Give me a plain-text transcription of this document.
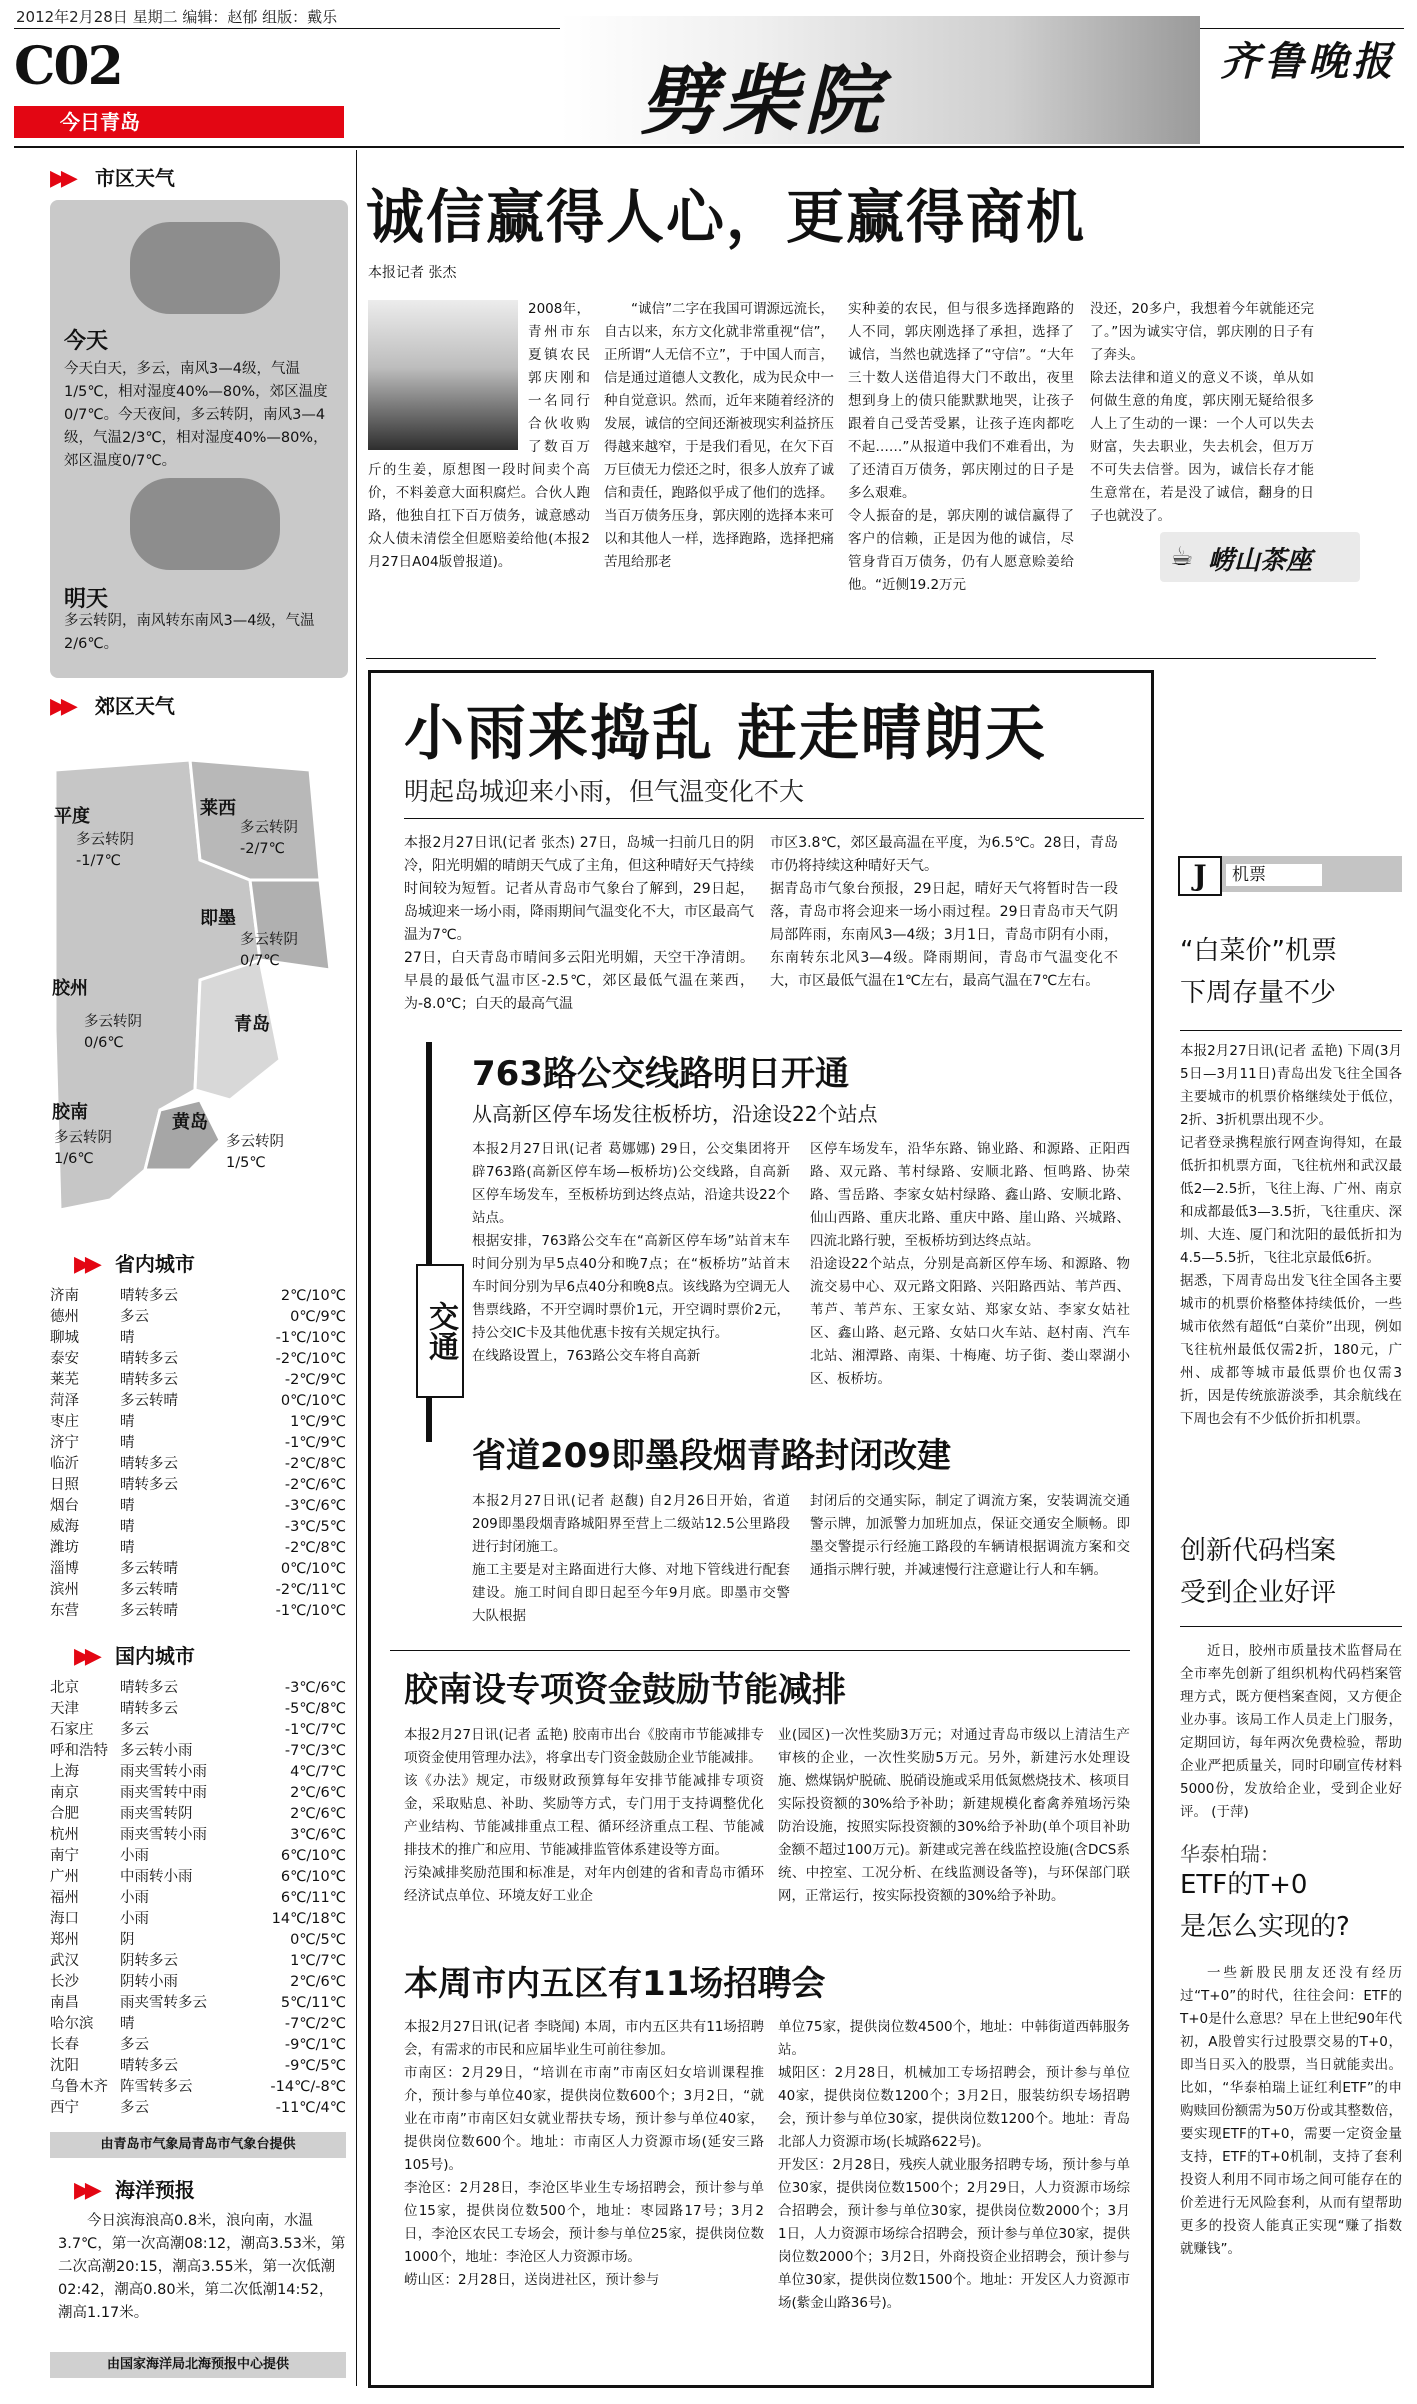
2012年2月28日 星期二 编辑：赵郁 组版：戴乐
C02
今日青岛	劈柴院	齐鲁晚报
▶▶ 市区天气
今天
今天白天，多云，南风3—4级，气温1/5℃，相对湿度40%—80%，郊区温度0/7℃。今天夜间，多云转阴，南风3—4级，气温2/3℃，相对湿度40%—80%，郊区温度0/7℃。
明天
多云转阴，南风转东南风3—4级，气温2/6℃。
▶▶ 郊区天气
平度
多云转阴
-1/7℃
莱西
多云转阴
-2/7℃
即墨
多云转阴
0/7℃
胶州
多云转阴
0/6℃
青岛
胶南
多云转阴
1/6℃
黄岛
多云转阴
1/5℃
▶▶ 省内城市
济南	晴转多云	2℃/10℃
德州	多云	0℃/9℃
聊城	晴	-1℃/10℃
泰安	晴转多云	-2℃/10℃
莱芜	晴转多云	-2℃/9℃
菏泽	多云转晴	0℃/10℃
枣庄	晴	1℃/9℃
济宁	晴	-1℃/9℃
临沂	晴转多云	-2℃/8℃
日照	晴转多云	-2℃/6℃
烟台	晴	-3℃/6℃
威海	晴	-3℃/5℃
潍坊	晴	-2℃/8℃
淄博	多云转晴	0℃/10℃
滨州	多云转晴	-2℃/11℃
东营	多云转晴	-1℃/10℃
▶▶ 国内城市
北京	晴转多云	-3℃/6℃
天津	晴转多云	-5℃/8℃
石家庄	多云	-1℃/7℃
呼和浩特	多云转小雨	-7℃/3℃
上海	雨夹雪转小雨	4℃/7℃
南京	雨夹雪转中雨	2℃/6℃
合肥	雨夹雪转阴	2℃/6℃
杭州	雨夹雪转小雨	3℃/6℃
南宁	小雨	6℃/10℃
广州	中雨转小雨	6℃/10℃
福州	小雨	6℃/11℃
海口	小雨	14℃/18℃
郑州	阴	0℃/5℃
武汉	阴转多云	1℃/7℃
长沙	阴转小雨	2℃/6℃
南昌	雨夹雪转多云	5℃/11℃
哈尔滨	晴	-7℃/2℃
长春	多云	-9℃/1℃
沈阳	晴转多云	-9℃/5℃
乌鲁木齐	阵雪转多云	-14℃/-8℃
西宁	多云	-11℃/4℃
由青岛市气象局青岛市气象台提供
▶▶ 海洋预报
今日滨海浪高0.8米，浪向南，水温3.7℃，第一次高潮08:12，潮高3.53米，第二次高潮20:15，潮高3.55米，第一次低潮02:42，潮高0.80米，第二次低潮14:52，潮高1.17米。
由国家海洋局北海预报中心提供
诚信赢得人心，更赢得商机
本报记者 张杰
2008年，青州市东夏镇农民郭庆刚和一名同行合伙收购了数百万斤的生姜，原想图一段时间卖个高价，不料姜意大面积腐烂。合伙人跑路，他独自扛下百万债务，诚意感动众人债未清偿全但愿赔姜给他(本报2月27日A04版曾报道)。
“诚信”二字在我国可谓源远流长，自古以来，东方文化就非常重视“信”，正所谓“人无信不立”，于中国人而言，信是通过道德人文教化，成为民众中一种自觉意识。然而，近年来随着经济的发展，诚信的空间还渐被现实利益挤压得越来越窄，于是我们看见，在欠下百万巨债无力偿还之时，很多人放弃了诚信和责任，跑路似乎成了他们的选择。
当百万债务压身，郭庆刚的选择本来可以和其他人一样，选择跑路，选择把痛苦甩给那老
实种姜的农民，但与很多选择跑路的人不同，郭庆刚选择了承担，选择了诚信，当然也就选择了“守信”。“大年三十数人送借追得大门不敢出，夜里想到身上的债只能默默地哭，让孩子跟着自己受苦受累，让孩子连肉都吃不起……”从报道中我们不难看出，为了还清百万债务，郭庆刚过的日子是多么艰难。
令人振奋的是，郭庆刚的诚信赢得了客户的信赖，正是因为他的诚信，尽管身背百万债务，仍有人愿意赊姜给他。“近侧19.2万元
没还，20多户，我想着今年就能还完了。”因为诚实守信，郭庆刚的日子有了奔头。
除去法律和道义的意义不谈，单从如何做生意的角度，郭庆刚无疑给很多人上了生动的一课：一个人可以失去财富，失去职业，失去机会，但万万不可失去信誉。因为，诚信长存才能生意常在，若是没了诚信，翻身的日子也就没了。
☕ 崂山茶座
小雨来捣乱 赶走晴朗天
明起岛城迎来小雨，但气温变化不大
本报2月27日讯(记者 张杰) 27日，岛城一扫前几日的阴冷，阳光明媚的晴朗天气成了主角，但这种晴好天气持续时间较为短暂。记者从青岛市气象台了解到，29日起，岛城迎来一场小雨，降雨期间气温变化不大，市区最高气温为7℃。
27日，白天青岛市晴间多云阳光明媚，天空干净清朗。早晨的最低气温市区-2.5℃，郊区最低气温在莱西，为-8.0℃；白天的最高气温
市区3.8℃，郊区最高温在平度，为6.5℃。28日，青岛市仍将持续这种晴好天气。
据青岛市气象台预报，29日起，晴好天气将暂时告一段落，青岛市将会迎来一场小雨过程。29日青岛市天气阴局部阵雨，东南风3—4级；3月1日，青岛市阴有小雨，东南转东北风3—4级。降雨期间，青岛市气温变化不大，市区最低气温在1℃左右，最高气温在7℃左右。
交通
763路公交线路明日开通
从高新区停车场发往板桥坊，沿途设22个站点
本报2月27日讯(记者 葛娜娜) 29日，公交集团将开辟763路(高新区停车场—板桥坊)公交线路，自高新区停车场发车，至板桥坊到达终点站，沿途共设22个站点。
根据安排，763路公交车在“高新区停车场”站首末车时间分别为早5点40分和晚7点；在“板桥坊”站首末车时间分别为早6点40分和晚8点。该线路为空调无人售票线路，不开空调时票价1元，开空调时票价2元，持公交IC卡及其他优惠卡按有关规定执行。
在线路设置上，763路公交车将自高新
区停车场发车，沿华东路、锦业路、和源路、正阳西路、双元路、苇村绿路、安顺北路、恒鸣路、协荣路、雪岳路、李家女姑村绿路、鑫山路、安顺北路、仙山西路、重庆北路、重庆中路、崖山路、兴城路、四流北路行驶，至板桥坊到达终点站。
沿途设22个站点，分别是高新区停车场、和源路、物流交易中心、双元路文阳路、兴阳路西站、苇芦西、苇芦、苇芦东、王家女站、郑家女站、李家女姑社区、鑫山路、赵元路、女姑口火车站、赵村南、汽车北站、湘潭路、南渠、十梅庵、坊子街、娄山翠湖小区、板桥坊。
省道209即墨段烟青路封闭改建
本报2月27日讯(记者 赵馥) 自2月26日开始，省道209即墨段烟青路城阳界至营上二级站12.5公里路段进行封闭施工。
施工主要是对主路面进行大修、对地下管线进行配套建设。施工时间自即日起至今年9月底。即墨市交警大队根据
封闭后的交通实际，制定了调流方案，安装调流交通警示牌，加派警力加班加点，保证交通安全顺畅。即墨交警提示行经施工路段的车辆请根据调流方案和交通指示牌行驶，并减速慢行注意避让行人和车辆。
胶南设专项资金鼓励节能减排
本报2月27日讯(记者 孟艳) 胶南市出台《胶南市节能减排专项资金使用管理办法》，将拿出专门资金鼓励企业节能减排。
该《办法》规定，市级财政预算每年安排节能减排专项资金，采取贴息、补助、奖励等方式，专门用于支持调整优化产业结构、节能减排重点工程、循环经济重点工程、节能减排技术的推广和应用、节能减排监管体系建设等方面。
污染减排奖励范围和标准是，对年内创建的省和青岛市循环经济试点单位、环境友好工业企
业(园区)一次性奖励3万元；对通过青岛市级以上清洁生产审核的企业，一次性奖励5万元。另外，新建污水处理设施、燃煤锅炉脱硫、脱硝设施或采用低氮燃烧技术、核项目实际投资额的30%给予补助；新建规模化畜禽养殖场污染防治设施，按照实际投资额的30%给予补助(单个项目补助金额不超过100万元)。新建或完善在线监控设施(含DCS系统、中控室、工况分析、在线监测设备等)，与环保部门联网，正常运行，按实际投资额的30%给予补助。
本周市内五区有11场招聘会
本报2月27日讯(记者 李晓闻) 本周，市内五区共有11场招聘会，有需求的市民和应届毕业生可前往参加。
市南区：2月29日，“培训在市南”市南区妇女培训课程推介，预计参与单位40家，提供岗位数600个；3月2日，“就业在市南”市南区妇女就业帮扶专场，预计参与单位40家，提供岗位数600个。地址：市南区人力资源市场(延安三路105号)。
李沧区：2月28日，李沧区毕业生专场招聘会，预计参与单位15家，提供岗位数500个，地址：枣园路17号；3月2日，李沧区农民工专场会，预计参与单位25家，提供岗位数1000个，地址：李沧区人力资源市场。
崂山区：2月28日，送岗进社区，预计参与
单位75家，提供岗位数4500个，地址：中韩街道西韩服务站。
城阳区：2月28日，机械加工专场招聘会，预计参与单位40家，提供岗位数1200个；3月2日，服装纺织专场招聘会，预计参与单位30家，提供岗位数1200个。地址：青岛北部人力资源市场(长城路622号)。
开发区：2月28日，残疾人就业服务招聘专场，预计参与单位30家，提供岗位数1500个；2月29日，人力资源市场综合招聘会，预计参与单位30家，提供岗位数2000个；3月1日，人力资源市场综合招聘会，预计参与单位30家，提供岗位数2000个；3月2日，外商投资企业招聘会，预计参与单位30家，提供岗位数1500个。地址：开发区人力资源市场(紫金山路36号)。
J	机票
“白菜价”机票
下周存量不少
本报2月27日讯(记者 孟艳) 下周(3月5日—3月11日)青岛出发飞往全国各主要城市的机票价格继续处于低位，2折、3折机票出现不少。
记者登录携程旅行网查询得知，在最低折扣机票方面，飞往杭州和武汉最低2—2.5折，飞往上海、广州、南京和成都最低3—3.5折，飞往重庆、深圳、大连、厦门和沈阳的最低折扣为4.5—5.5折，飞往北京最低6折。
据悉，下周青岛出发飞往全国各主要城市的机票价格整体持续低价，一些城市依然有超低“白菜价”出现，例如飞往杭州最低仅需2折，180元，广州、成都等城市最低票价也仅需3折，因是传统旅游淡季，其余航线在下周也会有不少低价折扣机票。
创新代码档案
受到企业好评
近日，胶州市质量技术监督局在全市率先创新了组织机构代码档案管理方式，既方便档案查阅，又方便企业办事。该局工作人员走上门服务，定期回访，每年两次免费检验，帮助企业严把质量关，同时印刷宣传材料5000份，发放给企业，受到企业好评。 (于萍)
华泰柏瑞：
ETF的T+0
是怎么实现的?
一些新股民朋友还没有经历过“T+0”的时代，往往会问：ETF的T+0是什么意思？早在上世纪90年代初，A股曾实行过股票交易的T+0，即当日买入的股票，当日就能卖出。比如，“华泰柏瑞上证红利ETF”的申购赎回份额需为50万份或其整数倍，要实现ETF的T+0，需要一定资金量支持，ETF的T+0机制，支持了套利投资人利用不同市场之间可能存在的价差进行无风险套利，从而有望帮助更多的投资人能真正实现“赚了指数就赚钱”。
